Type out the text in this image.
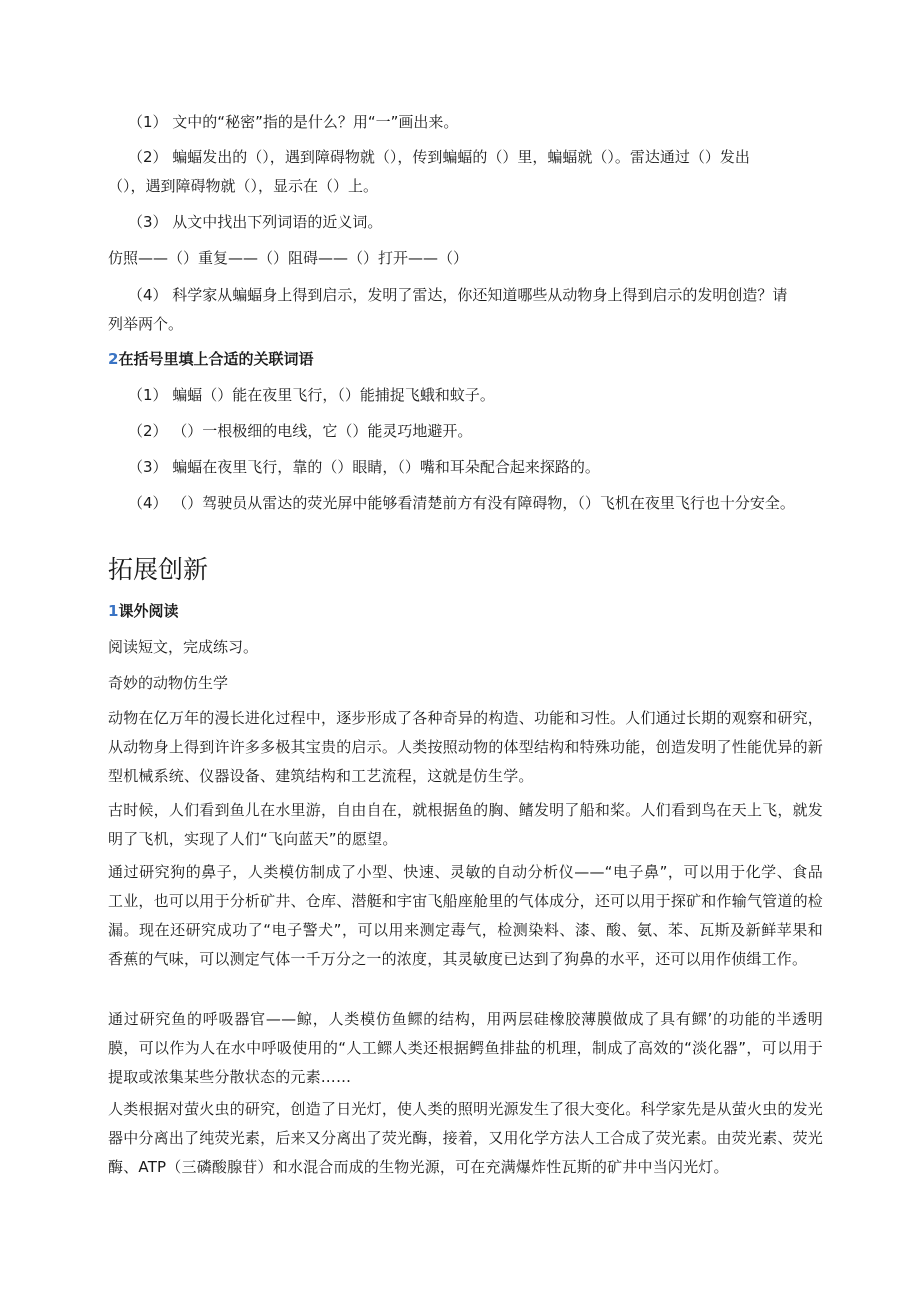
（1） 文中的“秘密”指的是什么？用“一”画出来。
（2） 蝙蝠发出的（），遇到障碍物就（），传到蝙蝠的（）里，蝙蝠就（）。雷达通过（）发出
（），遇到障碍物就（），显示在（）上。
（3） 从文中找出下列词语的近义词。
仿照——（）重复——（）阻碍——（）打开——（）
（4） 科学家从蝙蝠身上得到启示，发明了雷达，你还知道哪些从动物身上得到启示的发明创造？请
列举两个。
2在括号里填上合适的关联词语
（1） 蝙蝠（）能在夜里飞行，（）能捕捉飞蛾和蚊子。
（2） （）一根极细的电线，它（）能灵巧地避开。
（3） 蝙蝠在夜里飞行，靠的（）眼睛，（）嘴和耳朵配合起来探路的。
（4） （）驾驶员从雷达的荧光屏中能够看清楚前方有没有障碍物，（）飞机在夜里飞行也十分安全。
拓展创新
1课外阅读
阅读短文，完成练习。
奇妙的动物仿生学

动物在亿万年的漫长进化过程中，逐步形成了各种奇异的构造、功能和习性。人们通过长期的观察和研究，从动物身上得到许许多多极其宝贵的启示。人类按照动物的体型结构和特殊功能，创造发明了性能优异的新型机械系统、仪器设备、建筑结构和工艺流程，这就是仿生学。

古时候，人们看到鱼儿在水里游，自由自在，就根据鱼的胸、鳍发明了船和桨。人们看到鸟在天上飞，就发明了飞机，实现了人们“飞向蓝天”的愿望。

通过研究狗的鼻子，人类模仿制成了小型、快速、灵敏的自动分析仪——“电子鼻”，可以用于化学、食品工业，也可以用于分析矿井、仓库、潜艇和宇宙飞船座舱里的气体成分，还可以用于探矿和作输气管道的检漏。现在还研究成功了“电子警犬”，可以用来测定毒气，检测染料、漆、酸、氨、苯、瓦斯及新鲜苹果和香蕉的气味，可以测定气体一千万分之一的浓度，其灵敏度已达到了狗鼻的水平，还可以用作侦缉工作。

通过研究鱼的呼吸器官——鲸，人类模仿鱼鳏的结构，用两层硅橡胶薄膜做成了具有鳏’的功能的半透明膜，可以作为人在水中呼吸使用的“人工鳏人类还根据鳄鱼排盐的机理，制成了高效的“淡化器”，可以用于提取或浓集某些分散状态的元素……

人类根据对萤火虫的研究，创造了日光灯，使人类的照明光源发生了很大变化。科学家先是从萤火虫的发光器中分离出了纯荧光素，后来又分离出了荧光酶，接着，又用化学方法人工合成了荧光素。由荧光素、荧光酶、ATP（三磷酸腺苷）和水混合而成的生物光源，可在充满爆炸性瓦斯的矿井中当闪光灯。
